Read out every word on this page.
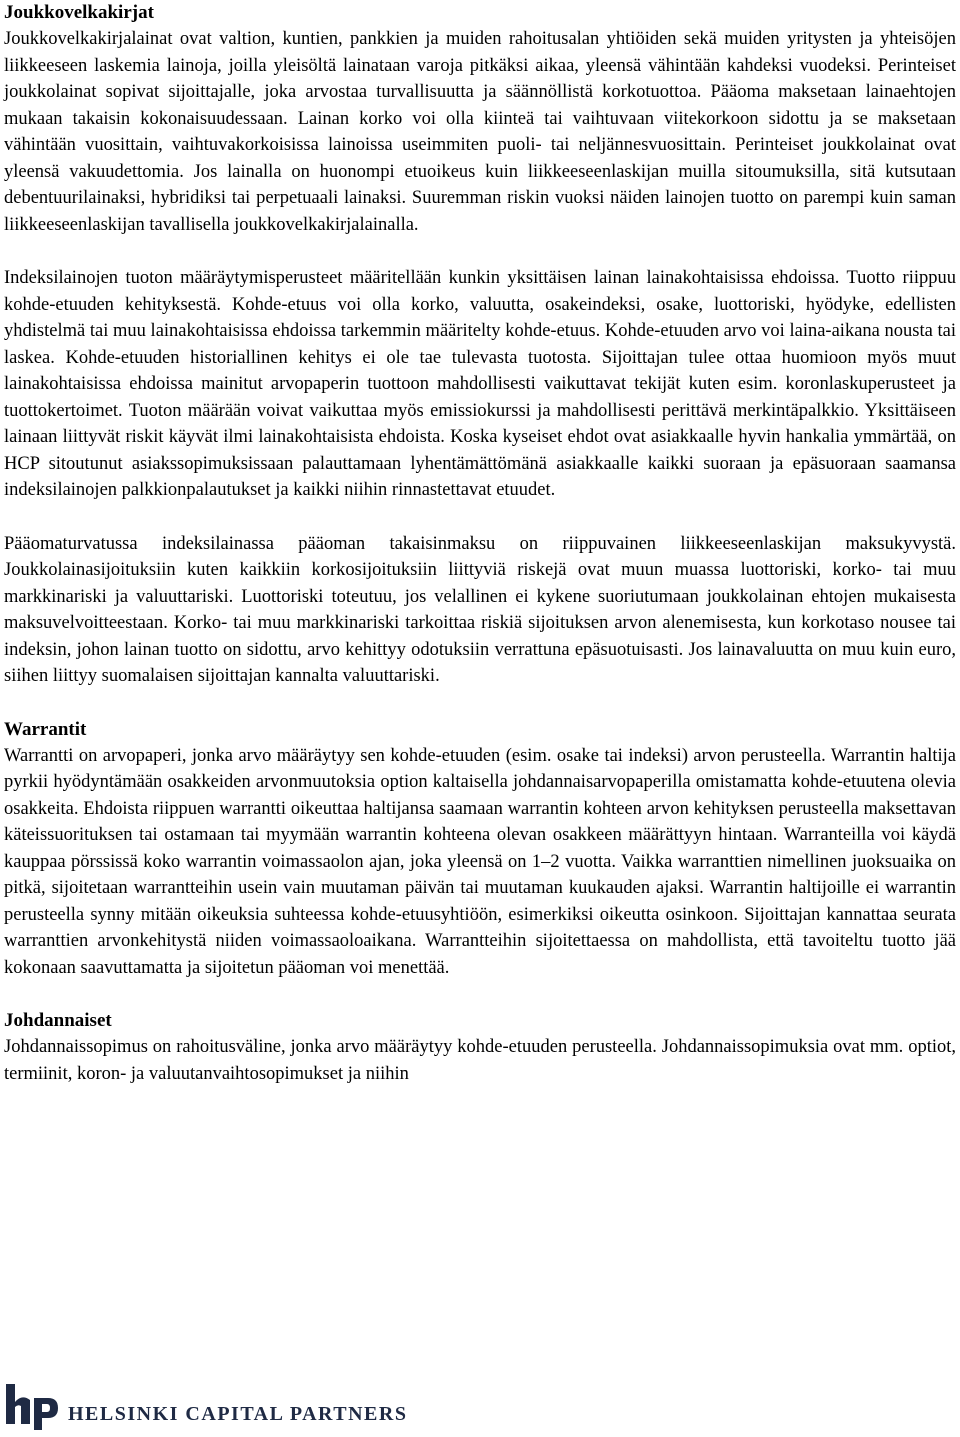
Joukkovelkakirjat

Joukkovelkakirjalainat ovat valtion, kuntien, pankkien ja muiden rahoitusalan yhtiöiden sekä muiden yritysten ja yhteisöjen liikkeeseen laskemia lainoja, joilla yleisöltä lainataan varoja pitkäksi aikaa, yleensä vähintään kahdeksi vuodeksi. Perinteiset joukkolainat sopivat sijoittajalle, joka arvostaa turvallisuutta ja säännöllistä korkotuottoa. Pääoma maksetaan lainaehtojen mukaan takaisin kokonaisuudessaan. Lainan korko voi olla kiinteä tai vaihtuvaan viitekorkoon sidottu ja se maksetaan vähintään vuosittain, vaihtuvakorkoisissa lainoissa useimmiten puoli- tai neljännesvuosittain. Perinteiset joukkolainat ovat yleensä vakuudettomia. Jos lainalla on huonompi etuoikeus kuin liikkeeseenlaskijan muilla sitoumuksilla, sitä kutsutaan debentuurilainaksi, hybridiksi tai perpetuaali lainaksi. Suuremman riskin vuoksi näiden lainojen tuotto on parempi kuin saman liikkeeseenlaskijan tavallisella joukkovelkakirjalainalla.

Indeksilainojen tuoton määräytymisperusteet määritellään kunkin yksittäisen lainan lainakohtaisissa ehdoissa. Tuotto riippuu kohde-etuuden kehityksestä. Kohde-etuus voi olla korko, valuutta, osakeindeksi, osake, luottoriski, hyödyke, edellisten yhdistelmä tai muu lainakohtaisissa ehdoissa tarkemmin määritelty kohde-etuus. Kohde-etuuden arvo voi laina-aikana nousta tai laskea. Kohde-etuuden historiallinen kehitys ei ole tae tulevasta tuotosta. Sijoittajan tulee ottaa huomioon myös muut lainakohtaisissa ehdoissa mainitut arvopaperin tuottoon mahdollisesti vaikuttavat tekijät kuten esim. koronlaskuperusteet ja tuottokertoimet. Tuoton määrään voivat vaikuttaa myös emissiokurssi ja mahdollisesti perittävä merkintäpalkkio. Yksittäiseen lainaan liittyvät riskit käyvät ilmi lainakohtaisista ehdoista. Koska kyseiset ehdot ovat asiakkaalle hyvin hankalia ymmärtää, on HCP sitoutunut asiakssopimuksissaan palauttamaan lyhentämättömänä asiakkaalle kaikki suoraan ja epäsuoraan saamansa indeksilainojen palkkionpalautukset ja kaikki niihin rinnastettavat etuudet.

Pääomaturvatussa indeksilainassa pääoman takaisinmaksu on riippuvainen liikkeeseenlaskijan maksukyvystä. Joukkolainasijoituksiin kuten kaikkiin korkosijoituksiin liittyviä riskejä ovat muun muassa luottoriski, korko- tai muu markkinariski ja valuuttariski. Luottoriski toteutuu, jos velallinen ei kykene suoriutumaan joukkolainan ehtojen mukaisesta maksuvelvoitteestaan. Korko- tai muu markkinariski tarkoittaa riskiä sijoituksen arvon alenemisesta, kun korkotaso nousee tai indeksin, johon lainan tuotto on sidottu, arvo kehittyy odotuksiin verrattuna epäsuotuisasti. Jos lainavaluutta on muu kuin euro, siihen liittyy suomalaisen sijoittajan kannalta valuuttariski.

Warrantit

Warrantti on arvopaperi, jonka arvo määräytyy sen kohde-etuuden (esim. osake tai indeksi) arvon perusteella. Warrantin haltija pyrkii hyödyntämään osakkeiden arvonmuutoksia option kaltaisella johdannaisarvopaperilla omistamatta kohde-etuutena olevia osakkeita. Ehdoista riippuen warrantti oikeuttaa haltijansa saamaan warrantin kohteen arvon kehityksen perusteella maksettavan käteissuorituksen tai ostamaan tai myymään warrantin kohteena olevan osakkeen määrättyyn hintaan. Warranteilla voi käydä kauppaa pörssissä koko warrantin voimassaolon ajan, joka yleensä on 1–2 vuotta. Vaikka warranttien nimellinen juoksuaika on pitkä, sijoitetaan warrantteihin usein vain muutaman päivän tai muutaman kuukauden ajaksi. Warrantin haltijoille ei warrantin perusteella synny mitään oikeuksia suhteessa kohde-etuusyhtiöön, esimerkiksi oikeutta osinkoon. Sijoittajan kannattaa seurata warranttien arvonkehitystä niiden voimassaoloaikana. Warrantteihin sijoitettaessa on mahdollista, että tavoiteltu tuotto jää kokonaan saavuttamatta ja sijoitetun pääoman voi menettää.

Johdannaiset

Johdannaissopimus on rahoitusväline, jonka arvo määräytyy kohde-etuuden perusteella. Johdannaissopimuksia ovat mm. optiot, termiinit, koron- ja valuutanvaihtosopimukset ja niihin

HELSINKI CAPITAL PARTNERS
